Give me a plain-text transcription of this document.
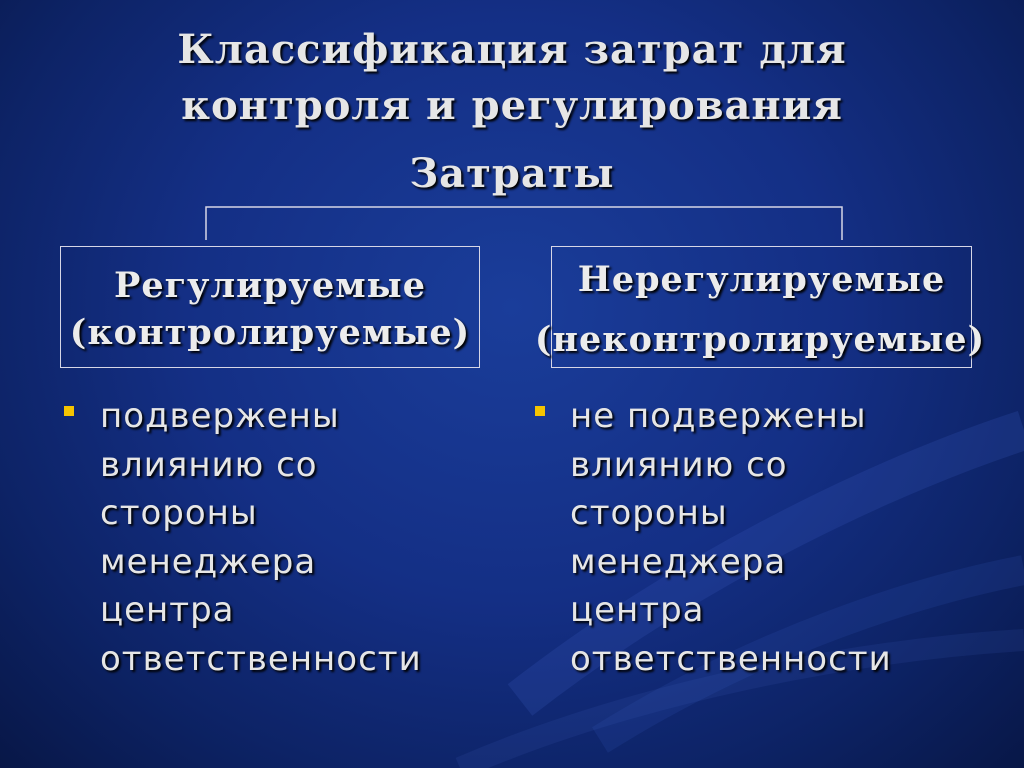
Классификация затрат для
контроля и регулирования
Затраты
Регулируемые
(контролируемые)
Нерегулируемые
(неконтролируемые)
подвержены
влиянию со
стороны
менеджера
центра
ответственности
не подвержены
влиянию со
стороны
менеджера
центра
ответственности
